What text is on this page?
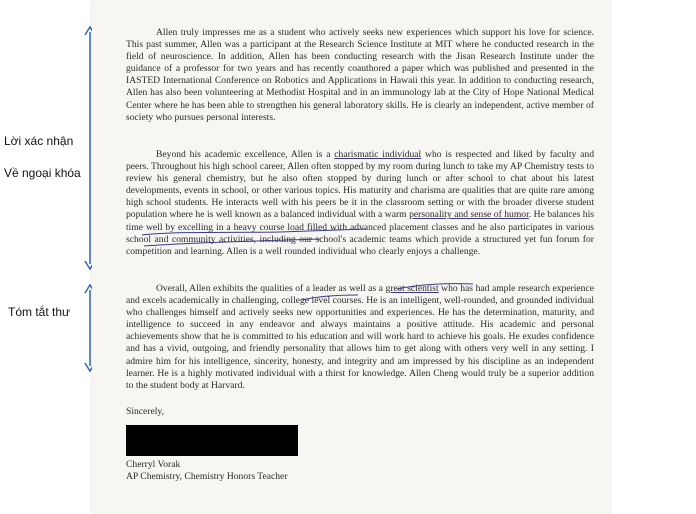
Lời xác nhận
Về ngoại khóa
Tóm tắt thư

Allen truly impresses me as a student who actively seeks new experiences which support his love for science. This past summer, Allen was a participant at the Research Science Institute at MIT where he conducted research in the field of neuroscience. In addition, Allen has been conducting research with the Jisan Research Institute under the guidance of a professor for two years and has recently coauthored a paper which was published and presented in the IASTED International Conference on Robotics and Applications in Hawaii this year. In addition to conducting research, Allen has also been volunteering at Methodist Hospital and in an immunology lab at the City of Hope National Medical Center where he has been able to strengthen his general laboratory skills. He is clearly an independent, active member of society who pursues personal interests.

Beyond his academic excellence, Allen is a charismatic individual who is respected and liked by faculty and peers. Throughout his high school career, Allen often stopped by my room during lunch to take my AP Chemistry tests to review his general chemistry, but he also often stopped by during lunch or after school to chat about his latest developments, events in school, or other various topics. His maturity and charisma are qualities that are quite rare among high school students. He interacts well with his peers be it in the classroom setting or with the broader diverse student population where he is well known as a balanced individual with a warm personality and sense of humor. He balances his time well by excelling in a heavy course load filled with advanced placement classes and he also participates in various school and community activities, including our school's academic teams which provide a structured yet fun forum for competition and learning. Allen is a well rounded individual who clearly enjoys a challenge.

Overall, Allen exhibits the qualities of a leader as well as a great scientist who has had ample research experience and excels academically in challenging, college level courses. He is an intelligent, well-rounded, and grounded individual who challenges himself and actively seeks new opportunities and experiences. He has the determination, maturity, and intelligence to succeed in any endeavor and always maintains a positive attitude. His academic and personal achievements show that he is committed to his education and will work hard to achieve his goals. He exudes confidence and has a vivid, outgoing, and friendly personality that allows him to get along with others very well in any setting. I admire him for his intelligence, sincerity, honesty, and integrity and am impressed by his discipline as an independent learner. He is a highly motivated individual with a thirst for knowledge. Allen Cheng would truly be a superior addition to the student body at Harvard.

Sincerely,
Cherryl Vorak
AP Chemistry, Chemistry Honors Teacher
